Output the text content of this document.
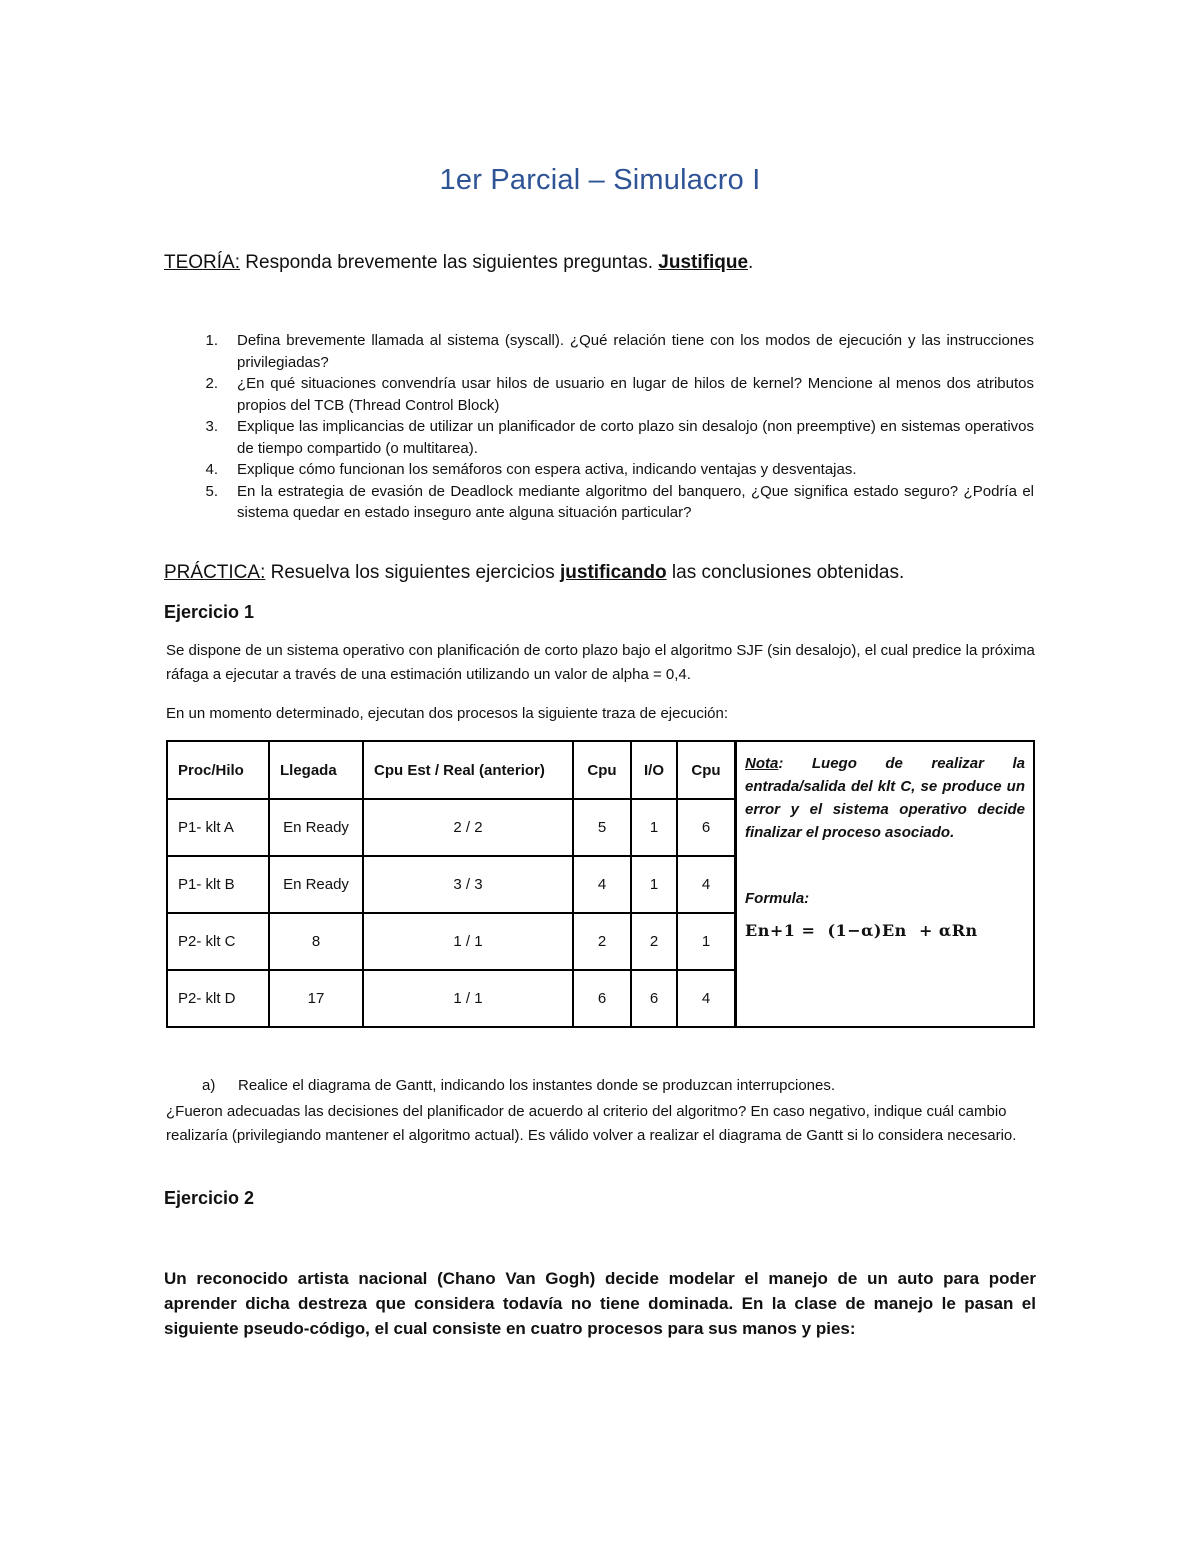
1er Parcial – Simulacro I
TEORÍA: Responda brevemente las siguientes preguntas. Justifique.

1. Defina brevemente llamada al sistema (syscall). ¿Qué relación tiene con los modos de ejecución y las instrucciones privilegiadas?

2. ¿En qué situaciones convendría usar hilos de usuario en lugar de hilos de kernel? Mencione al menos dos atributos propios del TCB (Thread Control Block)

3. Explique las implicancias de utilizar un planificador de corto plazo sin desalojo (non preemptive) en sistemas operativos de tiempo compartido (o multitarea).

4. Explique cómo funcionan los semáforos con espera activa, indicando ventajas y desventajas.

5. En la estrategia de evasión de Deadlock mediante algoritmo del banquero, ¿Que significa estado seguro? ¿Podría el sistema quedar en estado inseguro ante alguna situación particular?

PRÁCTICA: Resuelva los siguientes ejercicios justificando las conclusiones obtenidas.
Ejercicio 1
Se dispone de un sistema operativo con planificación de corto plazo bajo el algoritmo SJF (sin desalojo), el cual predice la próxima ráfaga a ejecutar a través de una estimación utilizando un valor de alpha = 0,4.
En un momento determinado, ejecutan dos procesos la siguiente traza de ejecución:
Proc/Hilo	Llegada	Cpu Est / Real (anterior)	Cpu	I/O	Cpu	Nota: Luego de realizar la entrada/salida del klt C, se produce un error y el sistema operativo decide finalizar el proceso asociado.
Formula:
En+1 =  (1−α)En  + αRn

P1- klt A	En Ready	2 / 2	5	1	6	
P1- klt B	En Ready	3 / 3	4	1	4	
P2- klt C	8	1 / 1	2	2	1	
P2- klt D	17	1 / 1	6	6	4	
a) Realice el diagrama de Gantt, indicando los instantes donde se produzcan interrupciones.
¿Fueron adecuadas las decisiones del planificador de acuerdo al criterio del algoritmo? En caso negativo, indique cuál cambio realizaría (privilegiando mantener el algoritmo actual). Es válido volver a realizar el diagrama de Gantt si lo considera necesario.
Ejercicio 2
Un reconocido artista nacional (Chano Van Gogh) decide modelar el manejo de un auto para poder aprender dicha destreza que considera todavía no tiene dominada. En la clase de manejo le pasan el siguiente pseudo-código, el cual consiste en cuatro procesos para sus manos y pies:
